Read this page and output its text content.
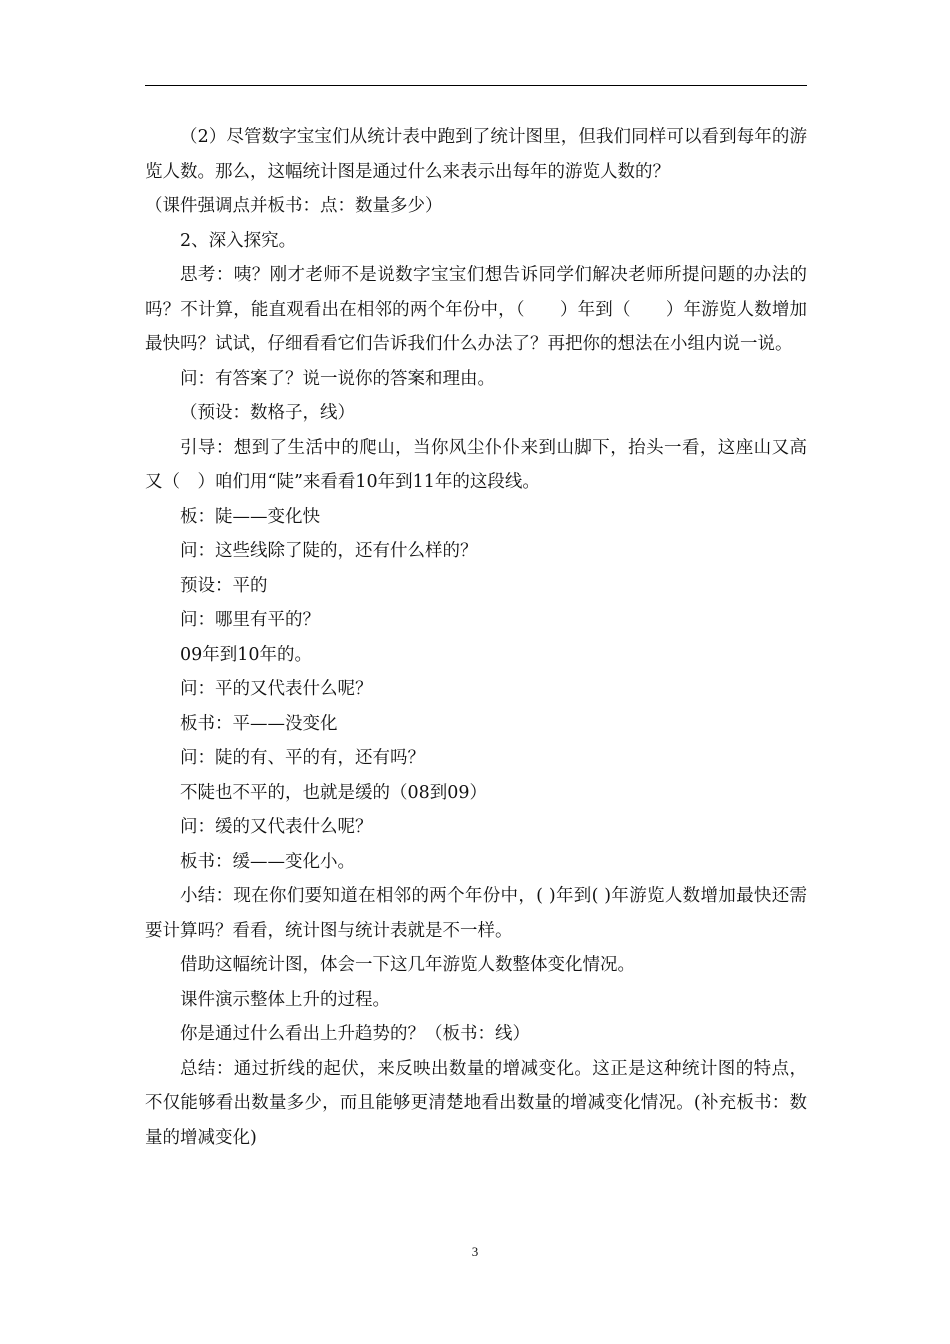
（2）尽管数字宝宝们从统计表中跑到了统计图里，但我们同样可以看到每年的游览人数。那么，这幅统计图是通过什么来表示出每年的游览人数的？

（课件强调点并板书：点：数量多少）

2、深入探究。

思考：咦？刚才老师不是说数字宝宝们想告诉同学们解决老师所提问题的办法的吗？不计算，能直观看出在相邻的两个年份中，（　　）年到（　　）年游览人数增加最快吗？试试，仔细看看它们告诉我们什么办法了？再把你的想法在小组内说一说。

问：有答案了？说一说你的答案和理由。

（预设：数格子，线）

引导：想到了生活中的爬山，当你风尘仆仆来到山脚下，抬头一看，这座山又高又（　）咱们用“陡”来看看10年到11年的这段线。

板：陡——变化快

问：这些线除了陡的，还有什么样的？

预设：平的

问：哪里有平的？

09年到10年的。

问：平的又代表什么呢？

板书：平——没变化

问：陡的有、平的有，还有吗？

不陡也不平的，也就是缓的（08到09）

问：缓的又代表什么呢？

板书：缓——变化小。

小结：现在你们要知道在相邻的两个年份中，( )年到( )年游览人数增加最快还需要计算吗？看看，统计图与统计表就是不一样。

借助这幅统计图，体会一下这几年游览人数整体变化情况。

课件演示整体上升的过程。

你是通过什么看出上升趋势的？（板书：线）

总结：通过折线的起伏，来反映出数量的增减变化。这正是这种统计图的特点，不仅能够看出数量多少，而且能够更清楚地看出数量的增减变化情况。(补充板书：数量的增减变化)

3
